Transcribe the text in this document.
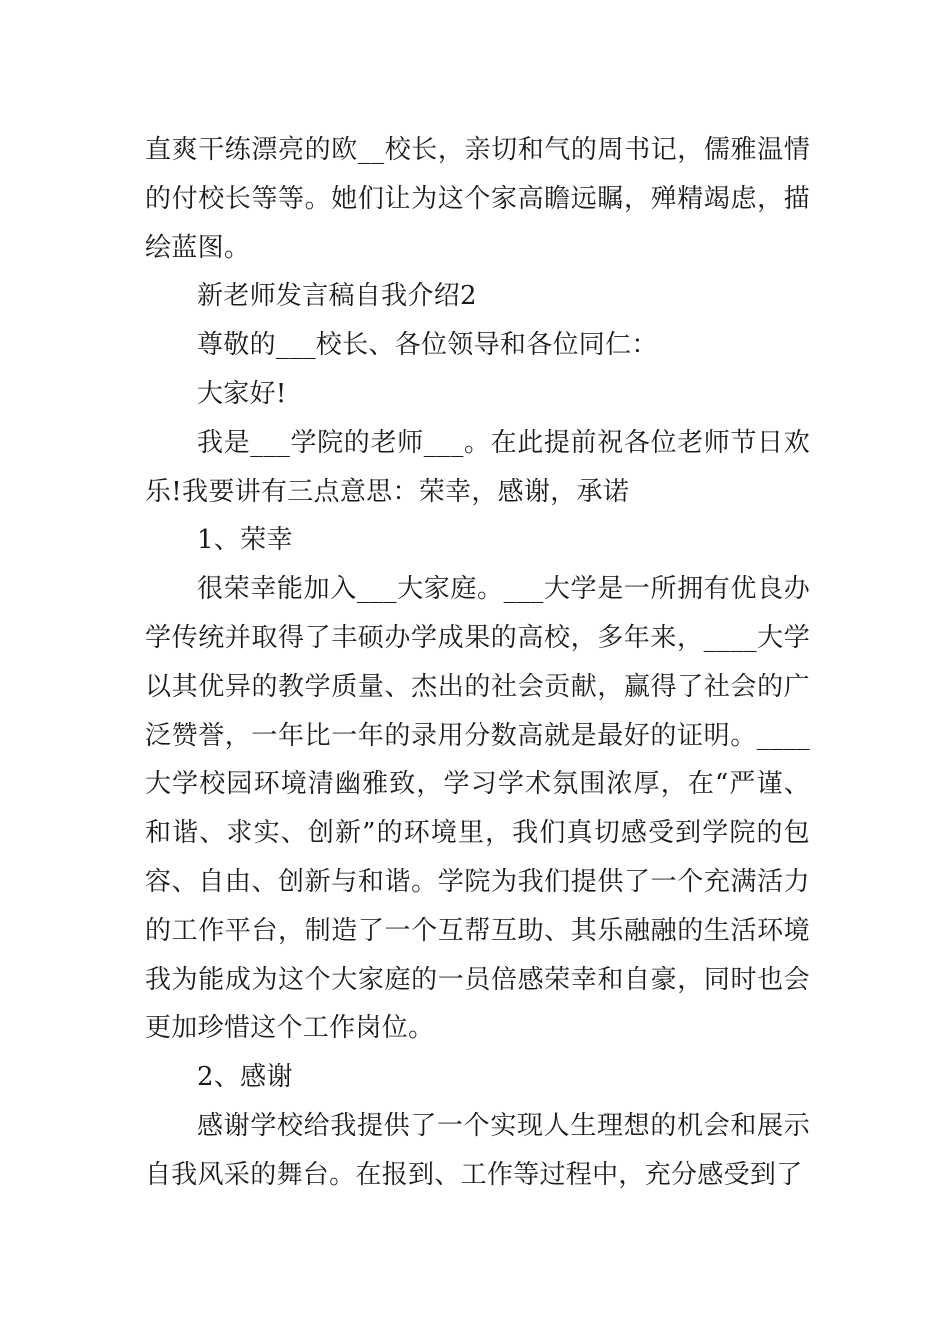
直爽干练漂亮的欧__校长，亲切和气的周书记，儒雅温情的付校长等等。她们让为这个家高瞻远瞩，殚精竭虑，描绘蓝图。

新老师发言稿自我介绍2

尊敬的___校长、各位领导和各位同仁：

大家好!

我是___学院的老师___。在此提前祝各位老师节日欢乐!我要讲有三点意思：荣幸，感谢，承诺

1、荣幸

很荣幸能加入___大家庭。___大学是一所拥有优良办学传统并取得了丰硕办学成果的高校，多年来，____大学以其优异的教学质量、杰出的社会贡献，赢得了社会的广泛赞誉，一年比一年的录用分数高就是最好的证明。____大学校园环境清幽雅致，学习学术氛围浓厚，在“严谨、和谐、求实、创新”的环境里，我们真切感受到学院的包容、自由、创新与和谐。学院为我们提供了一个充满活力的工作平台，制造了一个互帮互助、其乐融融的生活环境我为能成为这个大家庭的一员倍感荣幸和自豪，同时也会更加珍惜这个工作岗位。

2、感谢

感谢学校给我提供了一个实现人生理想的机会和展示自我风采的舞台。在报到、工作等过程中，充分感受到了
